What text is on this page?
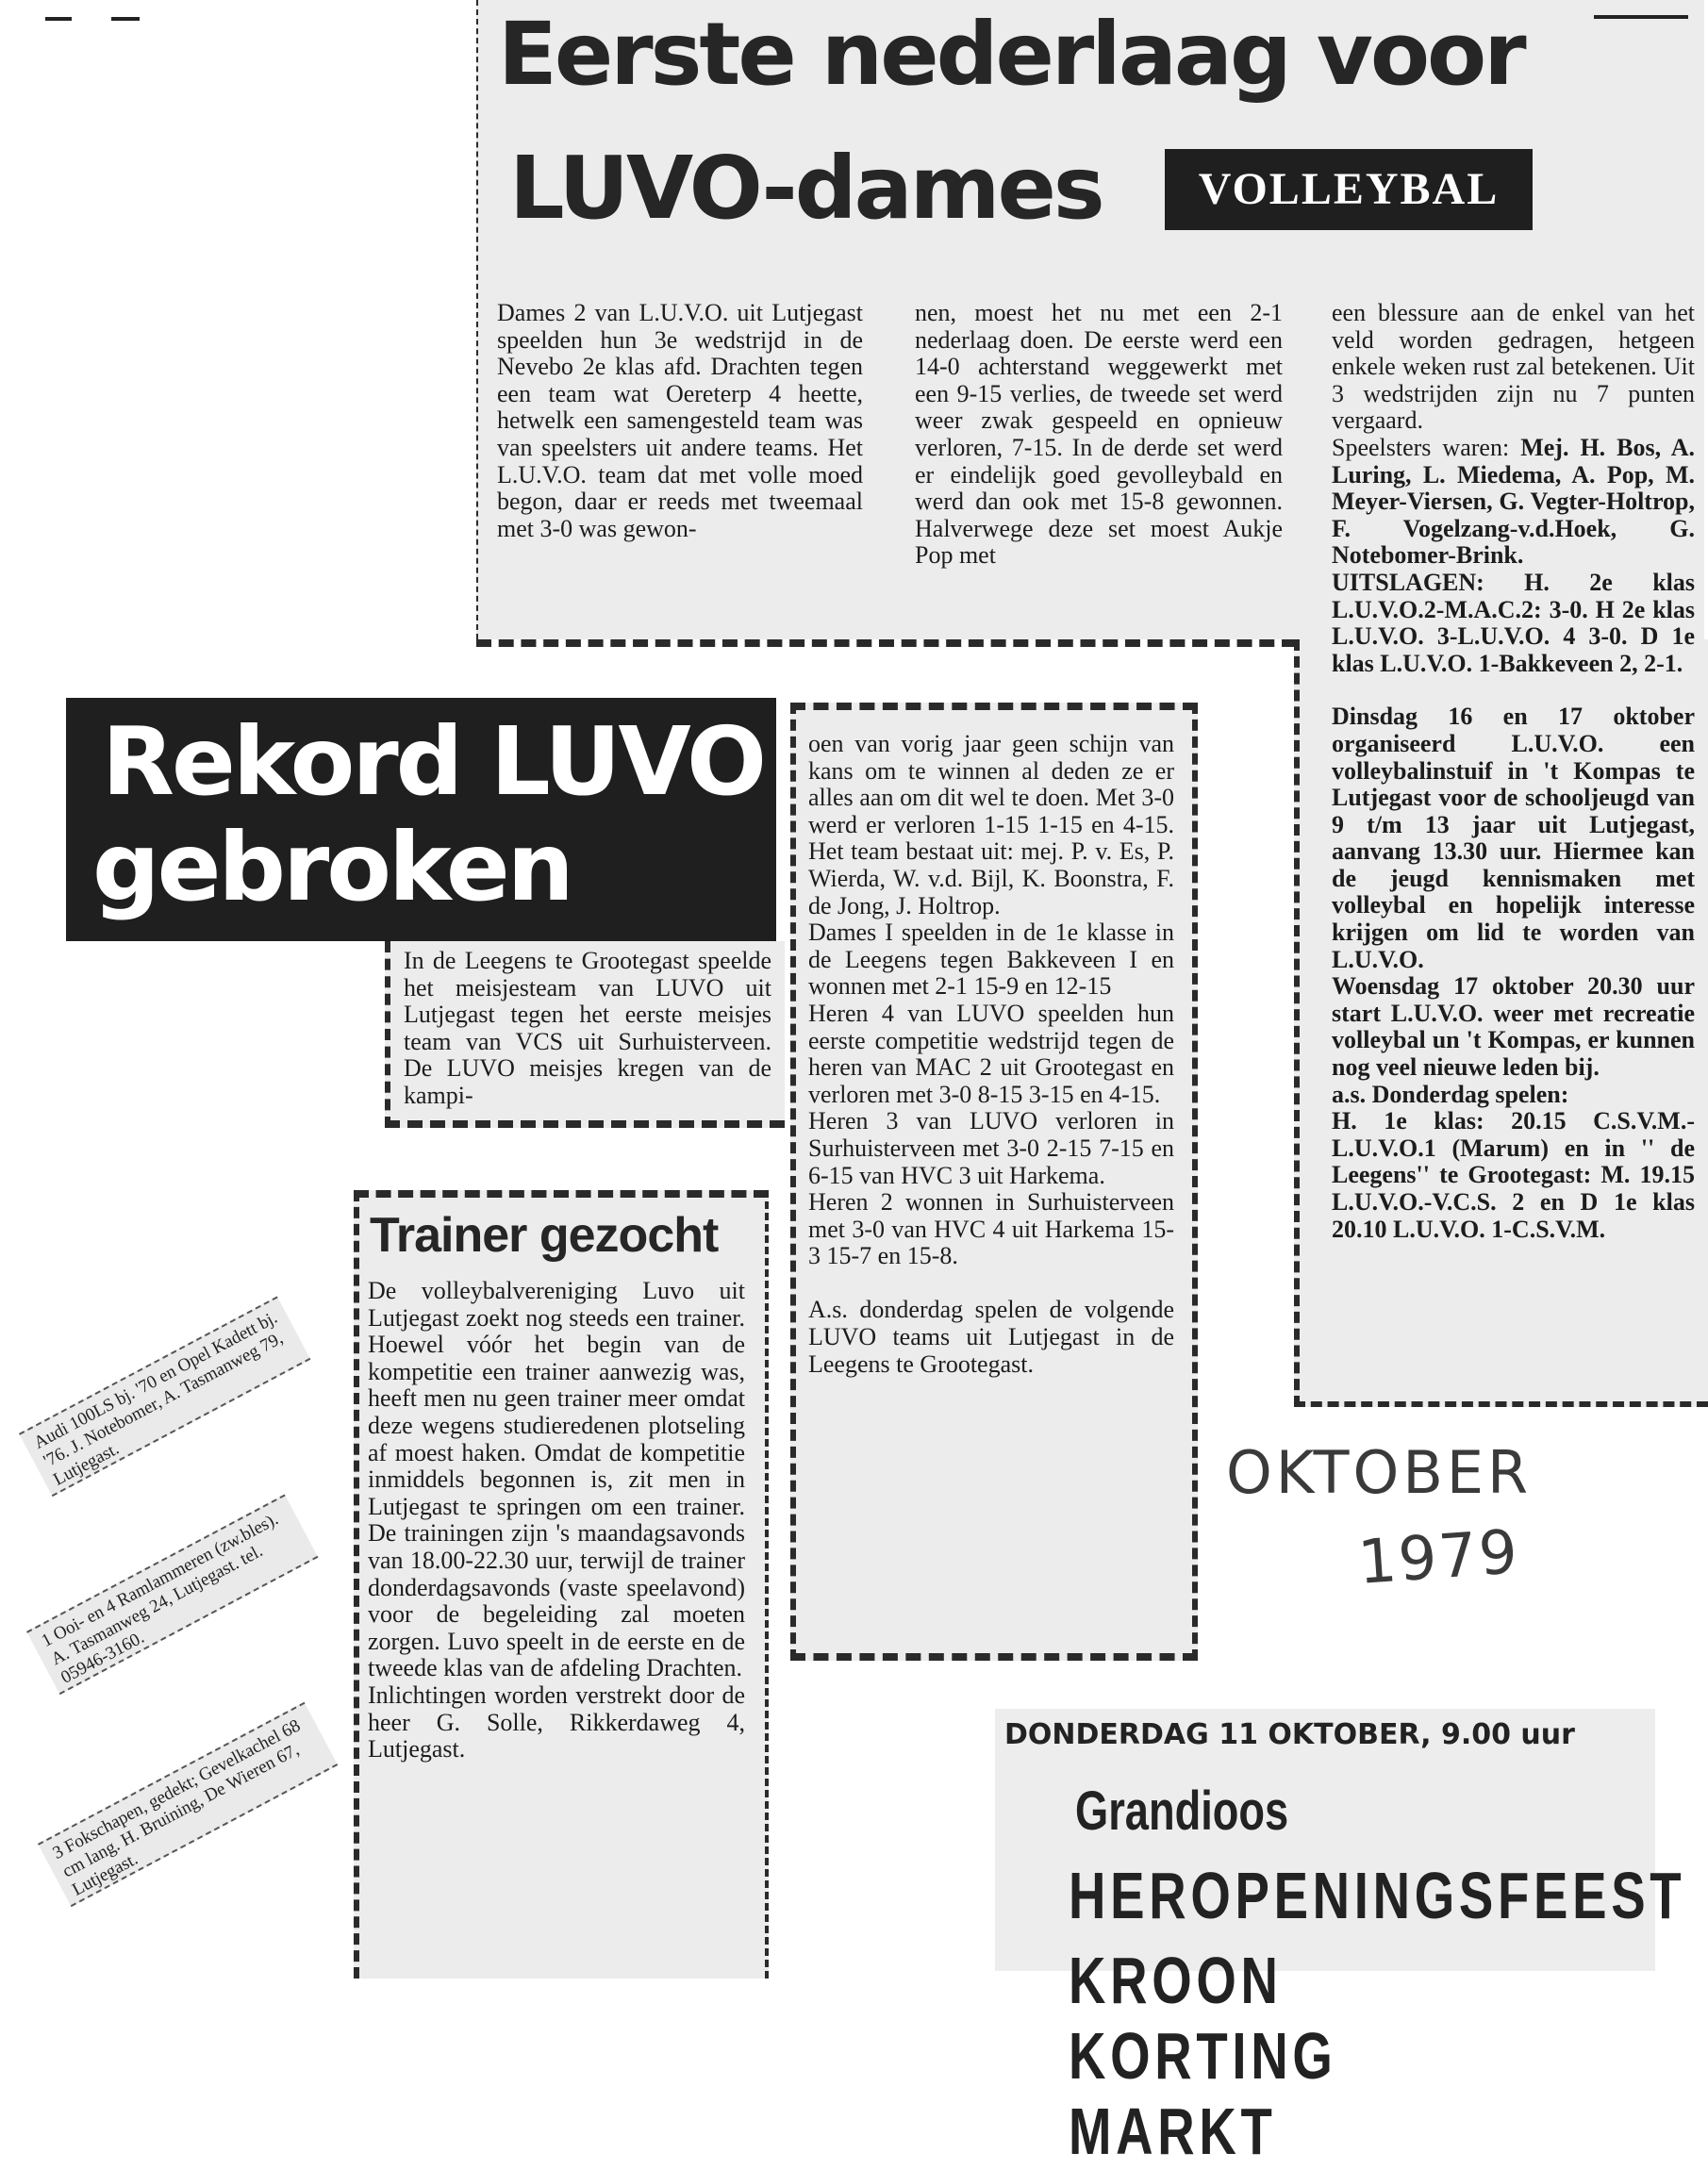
Eerste nederlaag voor
LUVO-dames	VOLLEYBAL
Dames 2 van L.U.V.O. uit Lutjegast speelden hun 3e wedstrijd in de Nevebo 2e klas afd. Drachten tegen een team wat Oereterp 4 heette, hetwelk een samengesteld team was van speelsters uit andere teams. Het L.U.V.O. team dat met volle moed begon, daar er reeds met tweemaal met 3-0 was gewon-
nen, moest het nu met een 2-1 nederlaag doen. De eerste werd een 14-0 achterstand weggewerkt met een 9-15 verlies, de tweede set werd weer zwak gespeeld en opnieuw verloren, 7-15. In de derde set werd er eindelijk goed gevolleybald en werd dan ook met 15-8 gewonnen. Halverwege deze set moest Aukje Pop met
een blessure aan de enkel van het veld worden gedragen, hetgeen enkele weken rust zal betekenen. Uit 3 wedstrijden zijn nu 7 punten vergaard.
Speelsters waren: Mej. H. Bos, A. Luring, L. Miedema, A. Pop, M. Meyer-Viersen, G. Vegter-Holtrop, F. Vogelzang-v.d.Hoek, G. Notebomer-Brink.
UITSLAGEN: H. 2e klas L.U.V.O.2-M.A.C.2: 3-0. H 2e klas L.U.V.O. 3-L.U.V.O. 4 3-0. D 1e klas L.U.V.O. 1-Bakkeveen 2, 2-1.
Dinsdag 16 en 17 oktober organiseerd L.U.V.O. een volleybalinstuif in 't Kompas te Lutjegast voor de schooljeugd van 9 t/m 13 jaar uit Lutjegast, aanvang 13.30 uur. Hiermee kan de jeugd kennismaken met volleybal en hopelijk interesse krijgen om lid te worden van L.U.V.O.
Woensdag 17 oktober 20.30 uur start L.U.V.O. weer met recreatie volleybal un 't Kompas, er kunnen nog veel nieuwe leden bij.
a.s. Donderdag spelen:
H. 1e klas: 20.15 C.S.V.M.-L.U.V.O.1 (Marum) en in '' de Leegens'' te Grootegast: M. 19.15 L.U.V.O.-V.C.S. 2 en D 1e klas 20.10 L.U.V.O. 1-C.S.V.M.
Rekord LUVO
gebroken
In de Leegens te Grootegast speelde het meisjesteam van LUVO uit Lutjegast tegen het eerste meisjes team van VCS uit Surhuisterveen. De LUVO meisjes kregen van de kampi-
oen van vorig jaar geen schijn van kans om te winnen al deden ze er alles aan om dit wel te doen. Met 3-0 werd er verloren 1-15 1-15 en 4-15. Het team bestaat uit: mej. P. v. Es, P. Wierda, W. v.d. Bijl, K. Boonstra, F. de Jong, J. Holtrop.
Dames I speelden in de 1e klasse in de Leegens tegen Bakkeveen I en wonnen met 2-1 15-9 en 12-15
Heren 4 van LUVO speelden hun eerste competitie wedstrijd tegen de heren van MAC 2 uit Grootegast en verloren met 3-0 8-15 3-15 en 4-15.
Heren 3 van LUVO verloren in Surhuisterveen met 3-0 2-15 7-15 en 6-15 van HVC 3 uit Harkema.
Heren 2 wonnen in Surhuisterveen met 3-0 van HVC 4 uit Harkema 15-3 15-7 en 15-8.

A.s. donderdag spelen de volgende LUVO teams uit Lutjegast in de Leegens te Grootegast.
Trainer gezocht
De volleybalvereniging Luvo uit Lutjegast zoekt nog steeds een trainer. Hoewel vóór het begin van de kompetitie een trainer aanwezig was, heeft men nu geen trainer meer omdat deze wegens studieredenen plotseling af moest haken. Omdat de kompetitie inmiddels begonnen is, zit men in Lutjegast te springen om een trainer. De trainingen zijn 's maandagsavonds van 18.00-22.30 uur, terwijl de trainer donderdagsavonds (vaste speelavond) voor de begeleiding zal moeten zorgen. Luvo speelt in de eerste en de tweede klas van de afdeling Drachten.
Inlichtingen worden verstrekt door de heer G. Solle, Rikkerdaweg 4, Lutjegast.
Audi 100LS bj. '70 en Opel Kadett bj. '76. J. Notebomer, A. Tasmanweg 79, Lutjegast.
1 Ooi- en 4 Ramlammeren (zw.bles). A. Tasmanweg 24, Lutjegast. tel. 05946-3160.
3 Fokschapen, gedekt; Gevelkachel 68 cm lang. H. Bruining, De Wieren 67, Lutjegast.
OKTOBER
1979
DONDERDAG 11 OKTOBER, 9.00 uur
Grandioos
HEROPENINGSFEEST
KROON KORTING MARKT
